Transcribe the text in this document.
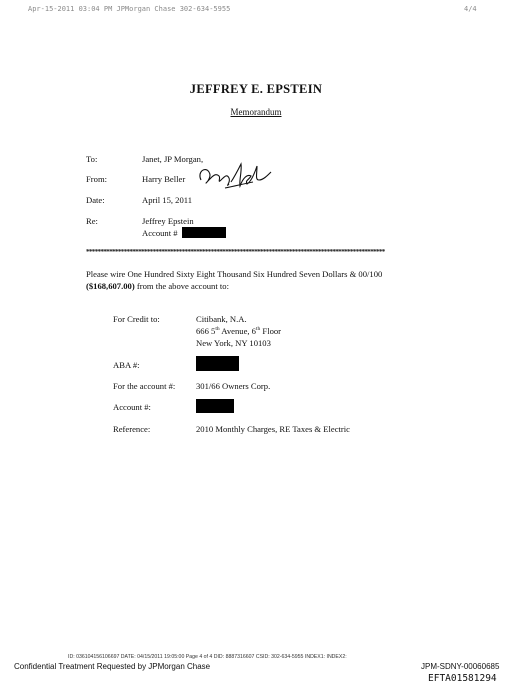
Apr-15-2011 03:04 PM JPMorgan Chase 302-634-5955	4/4
JEFFREY E. EPSTEIN
Memorandum
To:	Janet, JP Morgan,
From:	Harry Beller
Date:	April 15, 2011
Re:	Jeffrey Epstein
Account #
*******************************************************************************************************
Please wire One Hundred Sixty Eight Thousand Six Hundred Seven Dollars & 00/100
($168,607.00) from the above account to:
For Credit to:	Citibank, N.A.
666 5th Avenue, 6th Floor
New York, NY 10103
ABA #:
For the account #: 301/66 Owners Corp.
Account #:
Reference:	2010 Monthly Charges, RE Taxes & Electric
ID: 036104156106697 DATE: 04/15/2011 19:05:00 Page 4 of 4 DID: 8887316607 CSID: 302-634-5955 INDEX1: INDEX2:
Confidential Treatment Requested by JPMorgan Chase	JPM-SDNY-00060685
EFTA01581294
